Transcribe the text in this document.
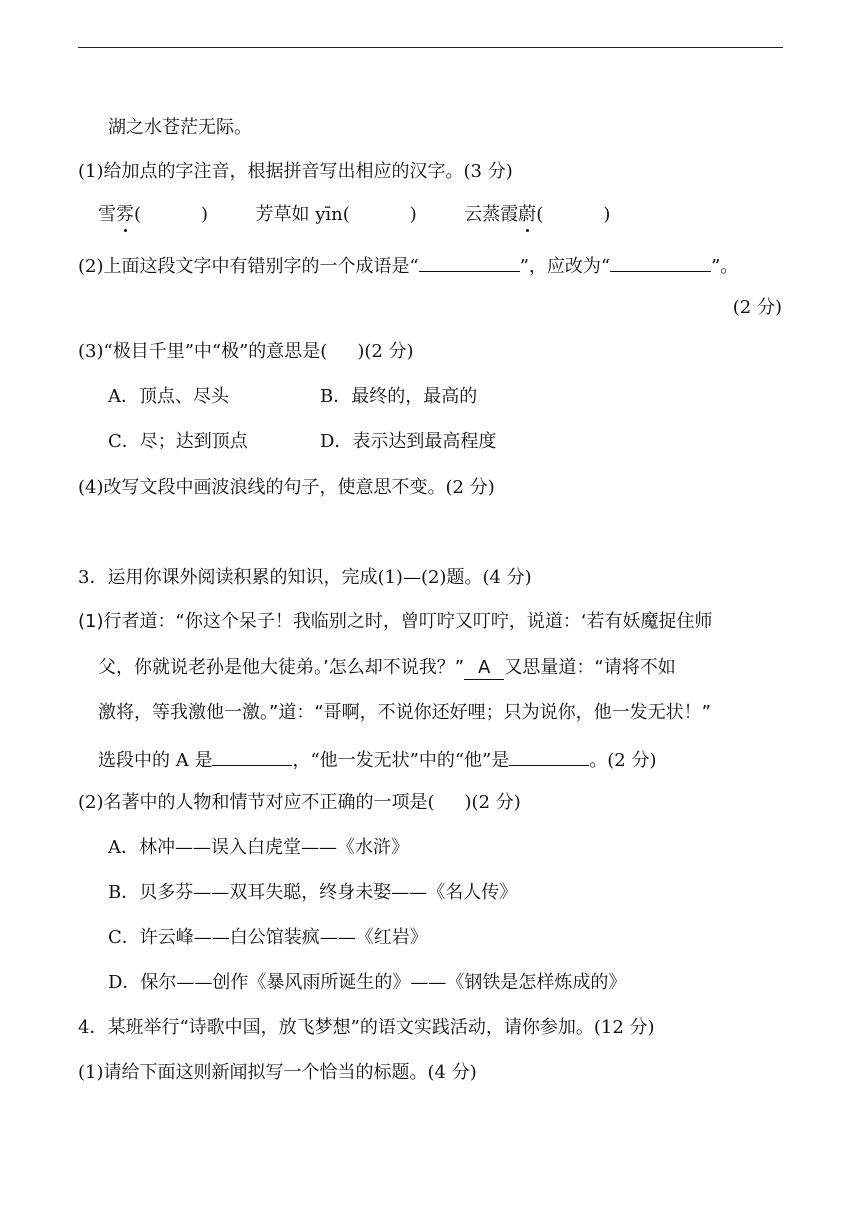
湖之水苍茫无际。
(1)给加点的字注音，根据拼音写出相应的汉字。(3 分)
雪雰(	)	芳草如 yīn(	)	云蒸霞蔚(	)
(2)上面这段文字中有错别字的一个成语是“	”，应改为“	”。
(2 分)
(3)“极目千里”中“极”的意思是( )(2 分)
A．顶点、尽头	B．最终的，最高的
C．尽；达到顶点	D．表示达到最高程度
(4)改写文段中画波浪线的句子，使意思不变。(2 分)
3．运用你课外阅读积累的知识，完成(1)—(2)题。(4 分)
(1)行者道：“你这个呆子！我临别之时，曾叮咛又叮咛，说道：‘若有妖魔捉住师
父，你就说老孙是他大徒弟。’怎么却不说我？” A 又思量道：“请将不如
激将，等我激他一激。”道：“哥啊，不说你还好哩；只为说你，他一发无状！”
选段中的 A 是	，“他一发无状”中的“他”是	。(2 分)
(2)名著中的人物和情节对应不正确的一项是( )(2 分)
A．林冲——误入白虎堂——《水浒》
B．贝多芬——双耳失聪，终身未娶——《名人传》
C．许云峰——白公馆装疯——《红岩》
D．保尔——创作《暴风雨所诞生的》——《钢铁是怎样炼成的》
4．某班举行“诗歌中国，放飞梦想”的语文实践活动，请你参加。(12 分)
(1)请给下面这则新闻拟写一个恰当的标题。(4 分)
